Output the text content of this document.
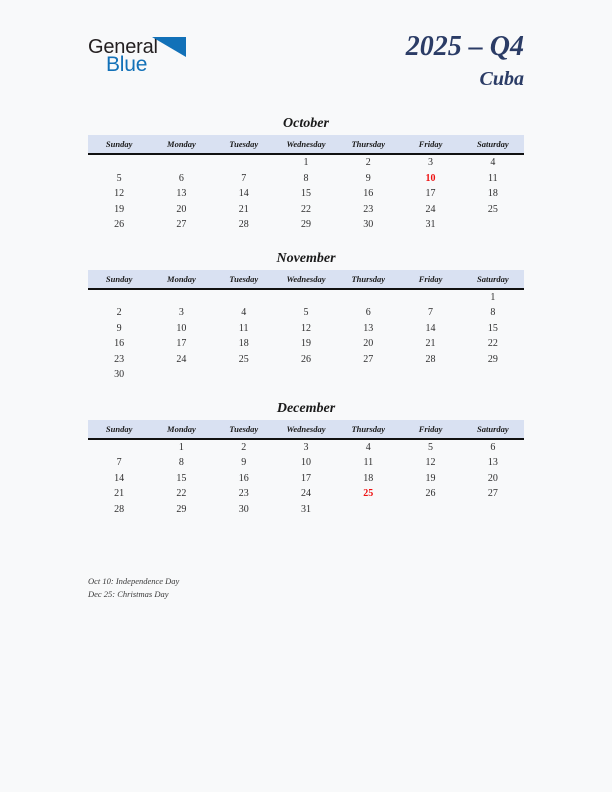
General
Blue
2025 – Q4
Cuba
October
Sunday	Monday	Tuesday	Wednesday	Thursday	Friday	Saturday
			1	2	3	4
5	6	7	8	9	10	11
12	13	14	15	16	17	18
19	20	21	22	23	24	25
26	27	28	29	30	31	
November
Sunday	Monday	Tuesday	Wednesday	Thursday	Friday	Saturday
						1
2	3	4	5	6	7	8
9	10	11	12	13	14	15
16	17	18	19	20	21	22
23	24	25	26	27	28	29
30						
December
Sunday	Monday	Tuesday	Wednesday	Thursday	Friday	Saturday
	1	2	3	4	5	6
7	8	9	10	11	12	13
14	15	16	17	18	19	20
21	22	23	24	25	26	27
28	29	30	31			
Oct 10: Independence Day
Dec 25: Christmas Day
